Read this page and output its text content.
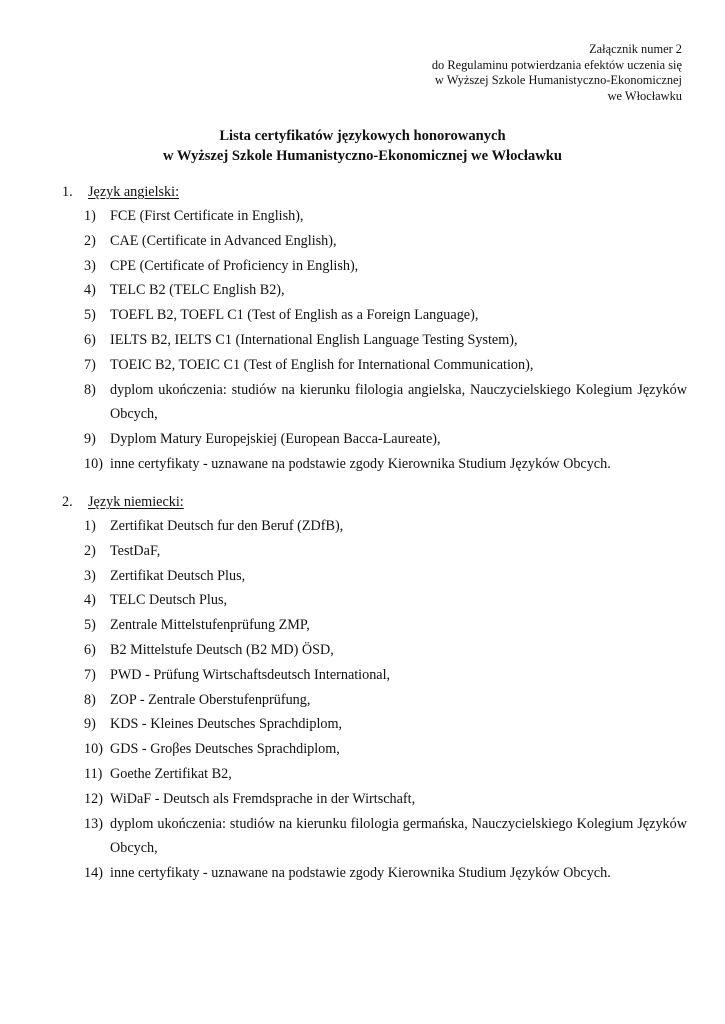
Załącznik numer 2
do Regulaminu potwierdzania efektów uczenia się
w Wyższej Szkole Humanistyczno-Ekonomicznej
we Włocławku
Lista certyfikatów językowych honorowanych
w Wyższej Szkole Humanistyczno-Ekonomicznej we Włocławku
1. Język angielski:
1) FCE (First Certificate in English),
2) CAE (Certificate in Advanced English),
3) CPE (Certificate of Proficiency in English),
4) TELC B2 (TELC English B2),
5) TOEFL B2, TOEFL C1 (Test of English as a Foreign Language),
6) IELTS B2, IELTS C1 (International English Language Testing System),
7) TOEIC B2, TOEIC C1 (Test of English for International Communication),
8) dyplom ukończenia: studiów na kierunku filologia angielska, Nauczycielskiego Kolegium Języków Obcych,
9) Dyplom Matury Europejskiej (European Bacca-Laureate),
10) inne certyfikaty - uznawane na podstawie zgody Kierownika Studium Języków Obcych.
2. Język niemiecki:
1) Zertifikat Deutsch fur den Beruf (ZDfB),
2) TestDaF,
3) Zertifikat Deutsch Plus,
4) TELC Deutsch Plus,
5) Zentrale Mittelstufenprüfung ZMP,
6) B2 Mittelstufe Deutsch (B2 MD) ÖSD,
7) PWD - Prüfung Wirtschaftsdeutsch International,
8) ZOP - Zentrale Oberstufenprüfung,
9) KDS - Kleines Deutsches Sprachdiplom,
10) GDS - Groβes Deutsches Sprachdiplom,
11) Goethe Zertifikat B2,
12) WiDaF - Deutsch als Fremdsprache in der Wirtschaft,
13) dyplom ukończenia: studiów na kierunku filologia germańska, Nauczycielskiego Kolegium Języków Obcych,
14) inne certyfikaty - uznawane na podstawie zgody Kierownika Studium Języków Obcych.
